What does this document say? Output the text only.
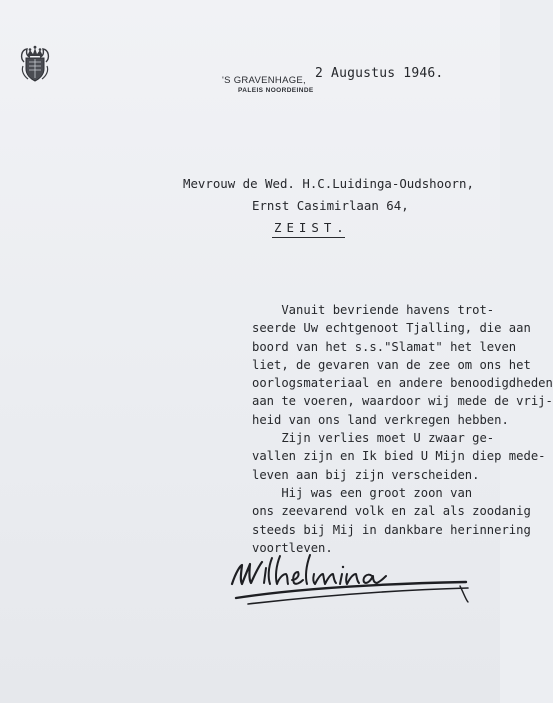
'S GRAVENHAGE, 2 Augustus 1946.
PALEIS NOORDEINDE
Mevrouw de Wed. H.C.Luidinga-Oudshoorn,
Ernst Casimirlaan 64,
ZEIST.
Vanuit bevriende havens trot-
seerde Uw echtgenoot Tjalling, die aan
boord van het s.s."Slamat" het leven
liet, de gevaren van de zee om ons het
oorlogsmateriaal en andere benoodigdheden
aan te voeren, waardoor wij mede de vrij-
heid van ons land verkregen hebben.
Zijn verlies moet U zwaar ge-
vallen zijn en Ik bied U Mijn diep mede-
leven aan bij zijn verscheiden.
Hij was een groot zoon van
ons zeevarend volk en zal als zoodanig
steeds bij Mij in dankbare herinnering
voortleven.
